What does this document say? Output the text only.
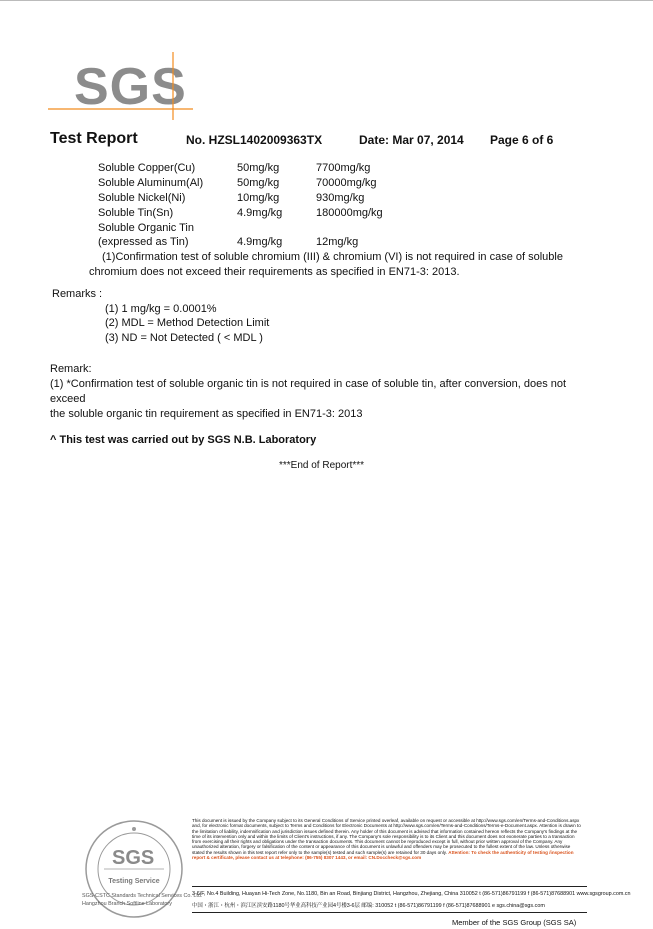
SGS
Test Report	No. HZSL1402009363TX	Date: Mar 07, 2014 Page 6 of 6
Soluble Copper(Cu)	50mg/kg	7700mg/kg
Soluble Aluminum(Al)	50mg/kg	70000mg/kg
Soluble Nickel(Ni)	10mg/kg	930mg/kg
Soluble Tin(Sn)	4.9mg/kg	180000mg/kg
Soluble Organic Tin
(expressed as Tin)	4.9mg/kg	12mg/kg
(1)Confirmation test of soluble chromium (III) & chromium (VI) is not required in case of soluble
chromium does not exceed their requirements as specified in EN71-3: 2013.
Remarks :
(1) 1 mg/kg = 0.0001%
(2) MDL = Method Detection Limit
(3) ND = Not Detected ( < MDL )
Remark:
(1) *Confirmation test of soluble organic tin is not required in case of soluble tin, after conversion, does not
exceed
the soluble organic tin requirement as specified in EN71-3: 2013
^ This test was carried out by SGS N.B. Laboratory
***End of Report***
SGS
Testing Service
SGS-CSTC Standards Technical Services Co. Ltd.
Hangzhou Branch Softline Laboratory
This document is issued by the Company subject to its General Conditions of Service printed overleaf, available on request or accessible at http://www.sgs.com/en/Terms-and-Conditions.aspx and, for electronic format documents, subject to Terms and Conditions for Electronic Documents at http://www.sgs.com/en/Terms-and-Conditions/Terms-e-Document.aspx. Attention is drawn to the limitation of liability, indemnification and jurisdiction issues defined therein. Any holder of this document is advised that information contained hereon reflects the Company's findings at the time of its intervention only and within the limits of Client's instructions, if any. The Company's sole responsibility is to its Client and this document does not exonerate parties to a transaction from exercising all their rights and obligations under the transaction documents. This document cannot be reproduced except in full, without prior written approval of the Company. Any unauthorized alteration, forgery or falsification of the content or appearance of this document is unlawful and offenders may be prosecuted to the fullest extent of the law. Unless otherwise stated the results shown in this test report refer only to the sample(s) tested and such sample(s) are retained for 30 days only. Attention: To check the authenticity of testing /inspection report & certificate, please contact us at telephone: (86-755) 8307 1443, or email: CN.Doccheck@sgs.com
3-6/F, No.4 Building, Huayan Hi-Tech Zone, No.1180, Bin an Road, Binjiang District, Hangzhou, Zhejiang, China 310052 t (86-571)86791199 f (86-571)87688901 www.sgsgroup.com.cn
中国・浙江・杭州・滨江区滨安路1180号华业高科技产业园4号楼3-6层 邮编: 310052 t (86-571)86791199 f (86-571)87688901 e sgs.china@sgs.com
Member of the SGS Group (SGS SA)
